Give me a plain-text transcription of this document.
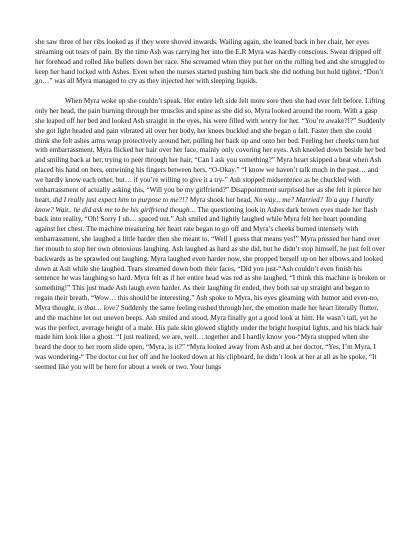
she saw three of her ribs looked as if they were shoved inwards. Wailing again, she leaned back in her chair, her eyes streaming out tears of pain. By the time Ash was carrying her into the E.R Myra was hardly conscious. Sweat dripped off her forehead and rolled like bullets down her race. She screamed when they put her on the rolling bed and she struggled to keep her hand locked with Ashes. Even when the nurses started pushing him back she did nothing but hold tighter, “Don’t go…” was all Myra managed to cry as they injected her with sleeping liquids.

When Myra woke up she couldn’t speak. Her entire left side felt more sore then she had ever felt before. Lifting only her head, the pain burning through her muscles and spine as she did so, Myra looked around the room. With a gasp she leaped off her bed and looked Ash straight in the eyes, his were filled with worry for her. “You’re awake?!?” Suddenly she got light headed and pain vibrated all over her body, her knees buckled and she began o fall. Faster then she could think she felt ashes arms wrap protectively around her, pulling her back up and onto her bed. Feeling her cheeks turn hot with embarrassment, Myra flicked her hair over her face, mainly only covering her eyes. Ash kneeled down beside her bed and smiling back at her, trying to peer through her hair, “Can I ask you something?” Myra heart skipped a beat when Ash placed his hand on hers, entwining his fingers between hers, “O-Okay.” “I know we haven’t talk much in the past… and we hardly know each other, but… if you’re willing to give it a try-” Ash stopped midsentence as he chuckled with embarrassment of actually asking this, “Will you be my girlfriend?” Disappointment surprised her as she felt it pierce her heart, did I really just expect him to purpose to me?!? Myra shook her head, No way... me? Married? To a guy I hardly know? Wait.. he did ask me to be his girlfriend though… The questioning look in Ashes dark brown eyes made her flash back into reality, “Oh! Sorry I uh… spaced out.” Ash smiled and lightly laughed while Myra felt her heart pounding against her chest. The machine measuring her heart rate began to go off and Myra’s cheeks burned intensely with embarrassment, she laughed a little harder then she meant to, “Well I guess that means yes!” Myra pressed her hand over her mouth to stop her own obnoxious laughing. Ash laughed as hard as she did, but he didn’t stop himself, he just fell over backwards as he sprawled out laughing. Myra laughed even harder now, she propped herself up on her elbows and looked down at Ash while she laughed. Tears streamed down both their faces, “Did you just-“Ash couldn’t even finish his sentence he was laughing so hard. Myra felt as if her entire head was red as she laughed, “I think this machine is broken or something!” This just made Ash laugh even harder. As their laughing fit ended, they both sat up straight and began to regain their breath, “Wow… this should be interesting.” Ash spoke to Myra, his eyes gleaming with humor and even-no, Myra thought, is that… love? Suddenly the same feeling rushed through her, the emotion made her heart literally flutter, and the machine let out uneven beeps. Ash smiled and stood, Myra finally got a good look at him. He wasn’t tall, yet he was the perfect, average height of a male. His pale skin glowed slightly under the bright hospital lights, and his black hair made him look like a ghost. “I just realized, we are, well… together and I hardly know you-“Myra stopped when she heard the door to her room slide open, “Myra, is it?” “Myra looked away from Ash and at her doctor, “Yes, I’m Myra, I was wondering-“ The doctor cut her off and he looked down at his clipboard, he didn’t look at her at all as he spoke, “It seemed like you will be here for about a week or two. Your lungs
